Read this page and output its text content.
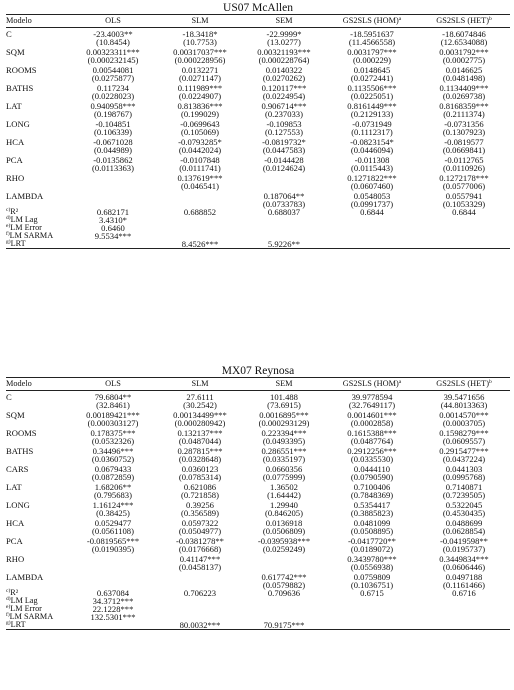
US07 McAllen
Modelo	OLS	SLM	SEM	GS2SLS (HOM)$^a$	GS2SLS (HET)$^b$
C	-23.4003**	-18.3418*	-22.9999*	-18.5951637	-18.6074846
	(10.8454)	(10.7753)	(13.0277)	(11.4566558)	(12.6534088)
SQM	0.00323311***	0.00317037***	0.00321193***	0.0031797***	0.0031792***
	(0.000232145)	(0.000228956)	(0.000228764)	(0.000229)	(0.0002775)
ROOMS	0.00544081	0.0132271	0.0140322	0.0148645	0.0146625
	(0.0275877)	(0.0271147)	(0.0270262)	(0.0272441)	(0.0481498)
BATHS	0.117234	0.111989***	0.120117***	0.1135506***	0.1134409***
	(0.0228023)	(0.0224907)	(0.0224954)	(0.0225051)	(0.0269738)
LAT	0.940958***	0.813836***	0.906714***	0.8161449***	0.8168359***
	(0.198767)	(0.199029)	(0.237033)	(0.2129133)	(0.2111374)
LONG	-0.104851	-0.0699643	-0.109853	-0.0731949	-0.0731356
	(0.106339)	(0.105069)	(0.127553)	(0.1112317)	(0.1307923)
HCA	-0.0671028	-0.0793285*	-0.0819732*	-0.0823154*	-0.0819577
	(0.044989)	(0.0442024)	(0.0447583)	(0.0446094)	(0.0669841)
PCA	-0.0135862	-0.0107848	-0.0144428	-0.011308	-0.0112765
	(0.0113363)	(0.0111741)	(0.0124624)	(0.0115443)	(0.0110926)
RHO		0.137619***		0.1271822***	0.1272178***
		(0.046541)		(0.0607460)	(0.0577006)
LAMBDA			0.187064**	0.0548053	0.0557941
			(0.0733783)	(0.0991737)	(0.1053329)
$^{c)}$R²	0.682171	0.688852	0.688037	0.6844	0.6844
$^{d)}$LM Lag	3.4310*				
$^{e)}$LM Error	0.6460				
$^{f)}$LM SARMA	9.5534***				
$^{g)}$LRT		8.4526***	5.9226**		
MX07 Reynosa
Modelo	OLS	SLM	SEM	GS2SLS (HOM)$^a$	GS2SLS (HET)$^b$
C	79.6804**	27.6111	101.488	39.9778594	39.5471656
	(32.8461)	(30.2542)	(73.6915)	(32.7649117)	(44.8013363)
SQM	0.00189421***	0.00134499***	0.0016895***	0.0014601***	0.0014570***
	(0.000303127)	(0.000280942)	(0.000293129)	(0.0002858)	(0.0003705)
ROOMS	0.178375***	0.132137***	0.223394***	0.1615388***	0.1598279***
	(0.0532326)	(0.0487044)	(0.0493395)	(0.0487764)	(0.0609557)
BATHS	0.34496***	0.287815***	0.286551***	0.2912256***	0.2915477***
	(0.0360752)	(0.0328648)	(0.0335197)	(0.0335530)	(0.0437224)
CARS	0.0679433	0.0360123	0.0660356	0.0444110	0.0441303
	(0.0872859)	(0.0785314)	(0.0775999)	(0.0790590)	(0.0995768)
LAT	1.68206**	0.621086	1.36502	0.7100406	0.7140871
	(0.795683)	(0.721858)	(1.64442)	(0.7848369)	(0.7239505)
LONG	1.16124***	0.39256	1.29940	0.5354417	0.5322045
	(0.38425)	(0.356589)	(0.846205)	(0.3885823)	(0.4530435)
HCA	0.0529477	0.0597322	0.0136918	0.0481099	0.0488699
	(0.0561108)	(0.0504977)	(0.0506809)	(0.0508895)	(0.0628854)
PCA	-0.0819565***	-0.0381278**	-0.0395938***	-0.0417720**	-0.0419598**
	(0.0190395)	(0.0176668)	(0.0259249)	(0.0189072)	(0.0195737)
RHO		0.41147***		0.3439780***	0.3449834***
		(0.0458137)		(0.0556938)	(0.0606446)
LAMBDA			0.617742***	0.0759809	0.0497188
			(0.0579882)	(0.1036751)	(0.1161466)
$^{c)}$R²	0.637084	0.706223	0.709636	0.6715	0.6716
$^{d)}$LM Lag	34.3712***				
$^{e)}$LM Error	22.1228***				
$^{f)}$LM SARMA	132.5301***				
$^{g)}$LRT		80.0032***	70.9175***		
